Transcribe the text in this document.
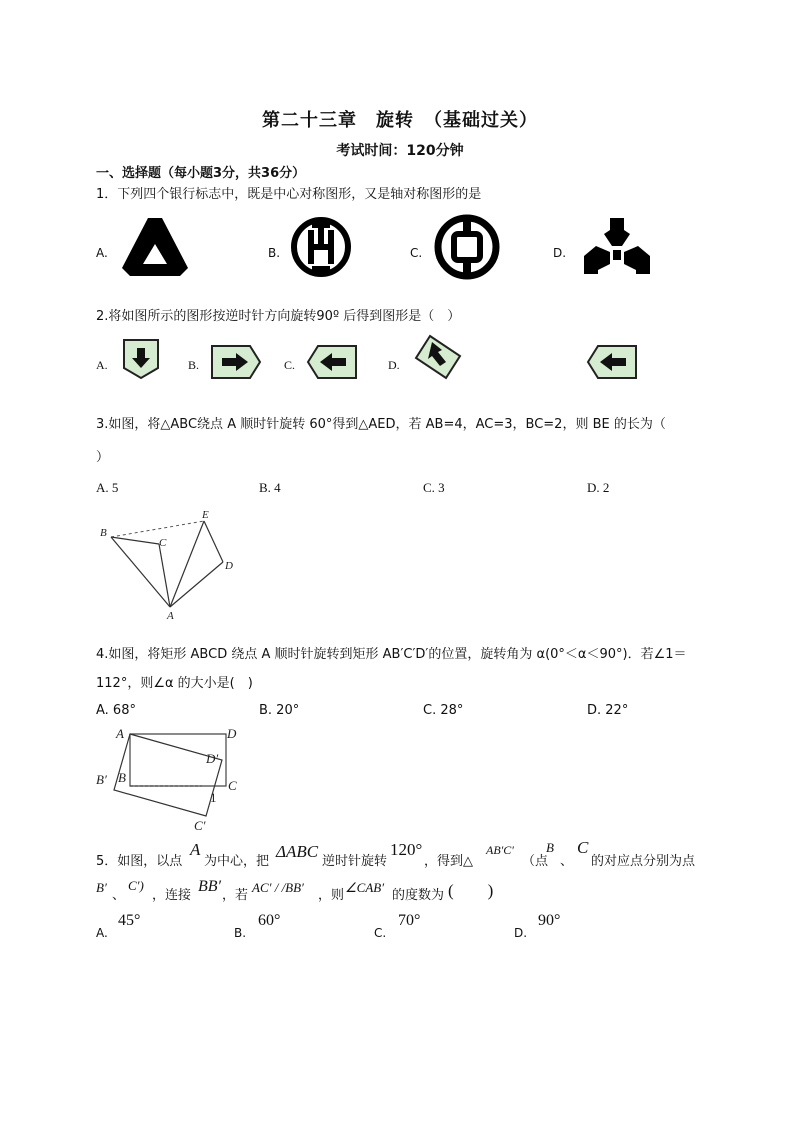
第二十三章　旋转　（基础过关）
考试时间：120分钟
一、选择题（每小题3分，共36分）
1．下列四个银行标志中，既是中心对称图形，又是轴对称图形的是
A.	B.	C.	D.
2.将如图所示的图形按逆时针方向旋转90º 后得到图形是（　）
A.	B.	C.	D.
3.如图，将△ABC绕点 A 顺时针旋转 60°得到△AED，若 AB=4，AC=3，BC=2，则 BE 的长为（
）
A. 5	B. 4	C. 3	D. 2
B
C
E
D
A
4.如图，将矩形 ABCD 绕点 A 顺时针旋转到矩形 AB′C′D′的位置，旋转角为 α(0°＜α＜90°)．若∠1＝
112°，则∠α 的大小是(　)
A. 68°	B. 20°	C. 28°	D. 22°
A	D
D′
B′ B
C
1
C′
5．如图，以点
A
为中心，把
ΔABC
逆时针旋转
120°
，得到△
AB′C′
（点
B
、
C
的对应点分别为点
B′
、
C′)
，连接
BB′
，若
AC′ / /BB′
，则
∠CAB′
的度数为 (　　)
A.
45°
B.
60°
C.
70°
D.
90°
